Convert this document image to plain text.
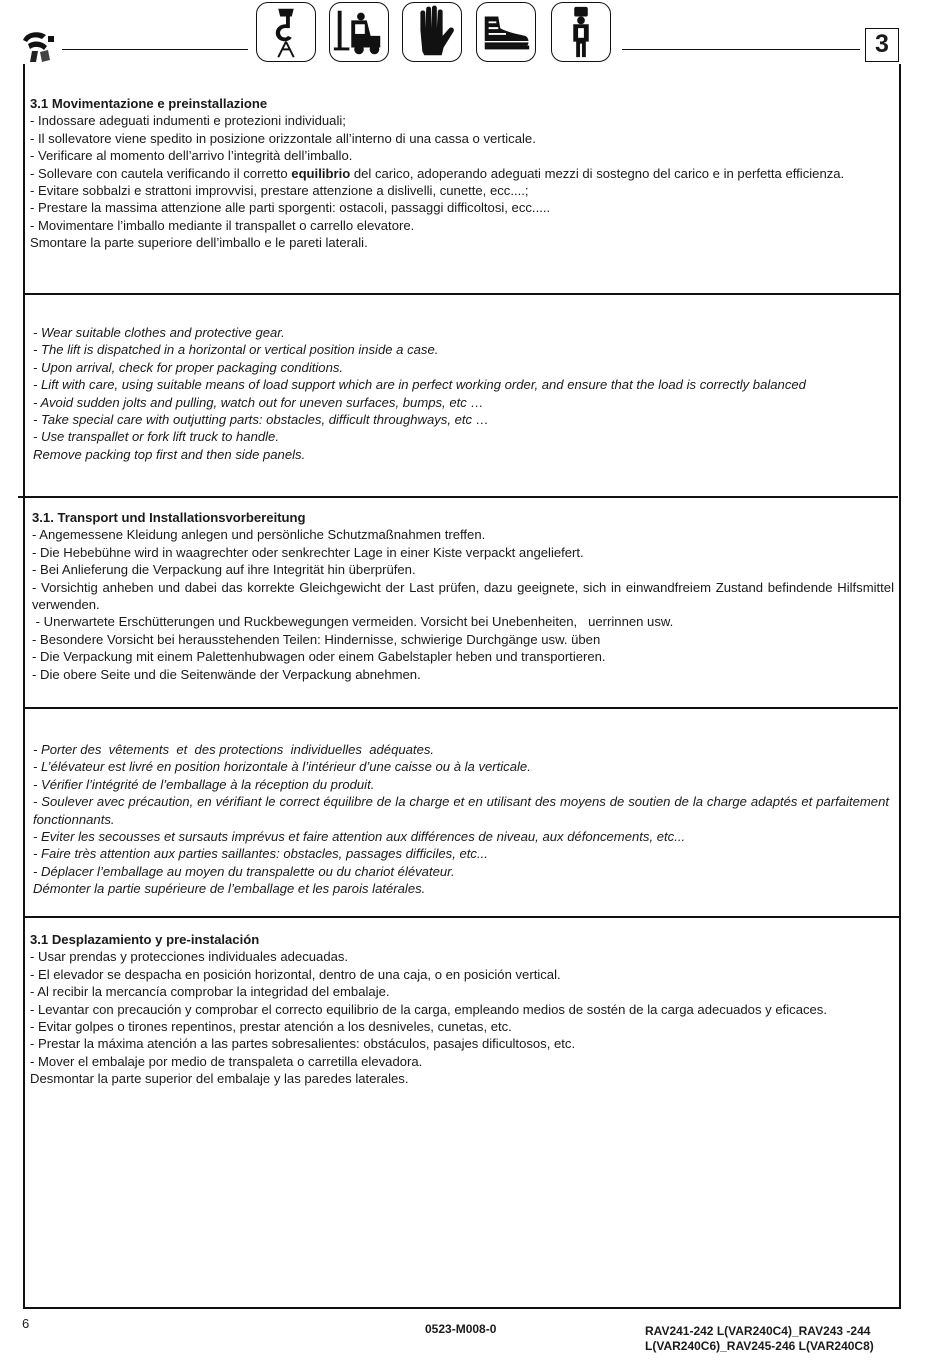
3
3.1 Movimentazione e preinstallazione

- Indossare adeguati indumenti e protezioni individuali;

- Il sollevatore viene spedito in posizione orizzontale all’interno di una cassa o verticale.

- Verificare al momento dell’arrivo l’integrità dell’imballo.

- Sollevare con cautela verificando il corretto equilibrio del carico, adoperando adeguati mezzi di sostegno del carico e in perfetta efficienza.

- Evitare sobbalzi e strattoni improvvisi, prestare attenzione a dislivelli, cunette, ecc....;

- Prestare la massima attenzione alle parti sporgenti: ostacoli, passaggi difficoltosi, ecc.....

- Movimentare l’imballo mediante il transpallet o carrello elevatore.

Smontare la parte superiore dell’imballo e le pareti laterali.

- Wear suitable clothes and protective gear.

- The lift is dispatched in a horizontal or vertical position inside a case.

- Upon arrival, check for proper packaging conditions.

- Lift with care, using suitable means of load support which are in perfect working order, and ensure that the load is correctly balanced

- Avoid sudden jolts and pulling, watch out for uneven surfaces, bumps, etc …

- Take special care with outjutting parts: obstacles, difficult throughways, etc …

- Use transpallet or fork lift truck to handle.

Remove packing top first and then side panels.

3.1. Transport und Installationsvorbereitung

- Angemessene Kleidung anlegen und persönliche Schutzmaßnahmen treffen.

- Die Hebebühne wird in waagrechter oder senkrechter Lage in einer Kiste verpackt angeliefert.

- Bei Anlieferung die Verpackung auf ihre Integrität hin überprüfen.

- Vorsichtig anheben und dabei das korrekte Gleichgewicht der Last prüfen, dazu geeignete, sich in einwandfreiem Zustand befindende Hilfsmittel verwenden.

- Unerwartete Erschütterungen und Ruckbewegungen vermeiden. Vorsicht bei Unebenheiten,   uerrinnen usw.

- Besondere Vorsicht bei herausstehenden Teilen: Hindernisse, schwierige Durchgänge usw. üben

- Die Verpackung mit einem Palettenhubwagen oder einem Gabelstapler heben und transportieren.

- Die obere Seite und die Seitenwände der Verpackung abnehmen.

- Porter des  vêtements  et  des protections  individuelles  adéquates.

- L’élévateur est livré en position horizontale à l’intérieur d’une caisse ou à la verticale.

- Vérifier l’intégrité de l’emballage à la réception du produit.

- Soulever avec précaution, en vérifiant le correct équilibre de la charge et en utilisant des moyens de soutien de la charge adaptés et parfaitement fonctionnants.

- Eviter les secousses et sursauts imprévus et faire attention aux différences de niveau, aux défoncements, etc...

- Faire très attention aux parties saillantes: obstacles, passages difficiles, etc...

- Déplacer l’emballage au moyen du transpalette ou du chariot élévateur.

Démonter la partie supérieure de l’emballage et les parois latérales.

3.1 Desplazamiento y pre-instalación

- Usar prendas y protecciones individuales adecuadas.

- El elevador se despacha en posición horizontal, dentro de una caja, o en posición vertical.

- Al recibir la mercancía comprobar la integridad del embalaje.

- Levantar con precaución y comprobar el correcto equilibrio de la carga, empleando medios de sostén de la carga adecuados y eficaces.

- Evitar golpes o tirones repentinos, prestar atención a los desniveles, cunetas, etc.

- Prestar la máxima atención a las partes sobresalientes: obstáculos, pasajes dificultosos, etc.

- Mover el embalaje por medio de transpaleta o carretilla elevadora.

Desmontar la parte superior del embalaje y las paredes laterales.

6	0523-M008-0	RAV241-242 L(VAR240C4)_RAV243 -244
L(VAR240C6)_RAV245-246 L(VAR240C8)
